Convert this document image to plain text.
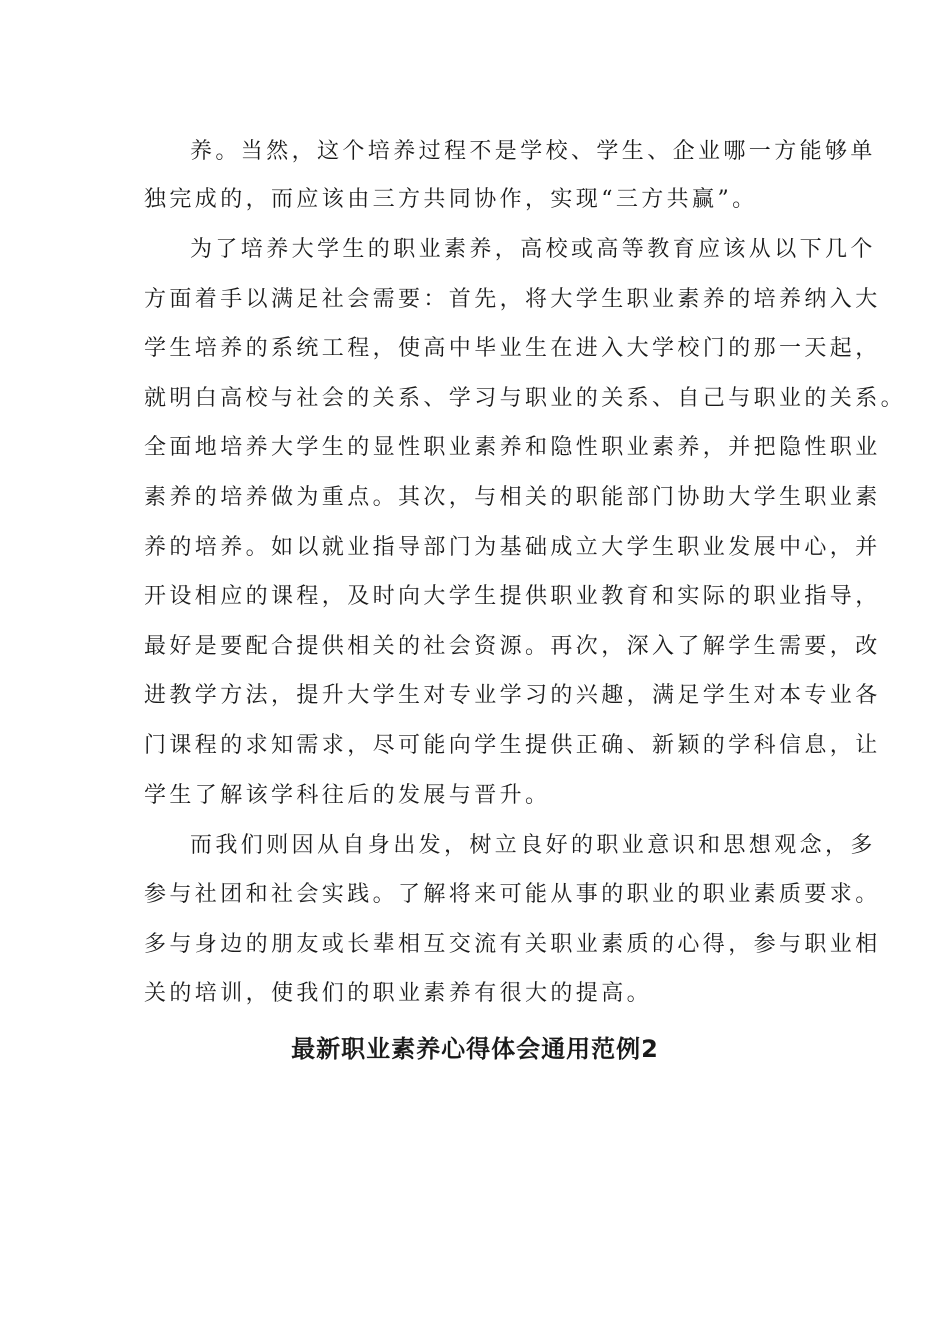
养。当然，这个培养过程不是学校、学生、企业哪一方能够单
独完成的，而应该由三方共同协作，实现“三方共赢”。
为了培养大学生的职业素养，高校或高等教育应该从以下几个
方面着手以满足社会需要：首先，将大学生职业素养的培养纳入大
学生培养的系统工程，使高中毕业生在进入大学校门的那一天起，
就明白高校与社会的关系、学习与职业的关系、自己与职业的关系。
全面地培养大学生的显性职业素养和隐性职业素养，并把隐性职业
素养的培养做为重点。其次，与相关的职能部门协助大学生职业素
养的培养。如以就业指导部门为基础成立大学生职业发展中心，并
开设相应的课程，及时向大学生提供职业教育和实际的职业指导，
最好是要配合提供相关的社会资源。再次，深入了解学生需要，改
进教学方法，提升大学生对专业学习的兴趣，满足学生对本专业各
门课程的求知需求，尽可能向学生提供正确、新颖的学科信息，让
学生了解该学科往后的发展与晋升。
而我们则因从自身出发，树立良好的职业意识和思想观念，多
参与社团和社会实践。了解将来可能从事的职业的职业素质要求。
多与身边的朋友或长辈相互交流有关职业素质的心得，参与职业相
关的培训，使我们的职业素养有很大的提高。
最新职业素养心得体会通用范例2
